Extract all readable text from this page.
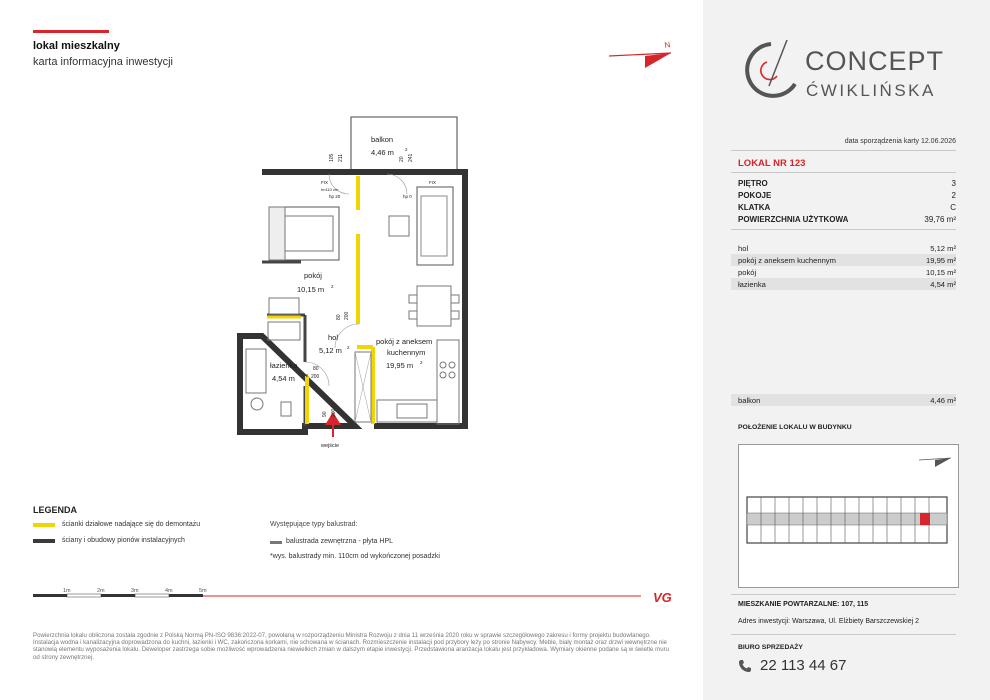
lokal mieszkalny
karta informacyjna inwestycji
N
balkon
4,46 m 2
pokój
10,15 m 2
hol
5,12 m 2
pokój z aneksem
kuchennym
19,95 m 2
łazienka
4,54 m 2
wejście
105 211	20 241
FIX	FIX
hn110 cm
hp 20	hp 0
80 200
80
200
90 200
LEGENDA
ścianki działowe nadające się do demontażu
ściany i obudowy pionów instalacyjnych
Występujące typy balustrad:
balustrada zewnętrzna - płyta HPL
*wys. balustrady min. 110cm od wykończonej posadzki
1m	2m	3m	4m	5m	VG
Powierzchnia lokalu obliczona została zgodnie z Polską Normą PN-ISO 9836:2022-07, powołaną w rozporządzeniu Ministra Rozwoju z dnia 11 września 2020 roku w sprawie szczegółowego zakresu i formy projektu budowlanego. Instalacja wodna i kanalizacyjna doprowadzona do kuchni, łazienki i WC, zakończona korkami, nie schowana w ścianach. Rozmieszczenie instalacji pod przybory leży po stronie Nabywcy. Meble, biały montaż oraz drzwi wewnętrzne nie stanowią elementu wyposażenia lokalu. Deweloper zastrzega sobie możliwość wprowadzenia niewielkich zmian w dalszym etapie inwestycji. Przedstawiona aranżacja lokalu jest przykładowa. Wymiary okienne podane są w świetle muru od strony zewnętrznej.
CONCEPT
ĆWIKLIŃSKA
data sporządzenia karty 12.06.2026
LOKAL NR 123
PIĘTRO	3
POKOJE	2
KLATKA	C
POWIERZCHNIA UŻYTKOWA	39,76 m²
hol	5,12 m²
pokój z aneksem kuchennym	19,95 m²
pokój	10,15 m²
łazienka	4,54 m²
balkon	4,46 m²
POŁOŻENIE LOKALU W BUDYNKU
MIESZKANIE POWTARZALNE: 107, 115
Adres inwestycji: Warszawa, Ul. Elżbiety Barszczewskiej 2
BIURO SPRZEDAŻY
22 113 44 67
